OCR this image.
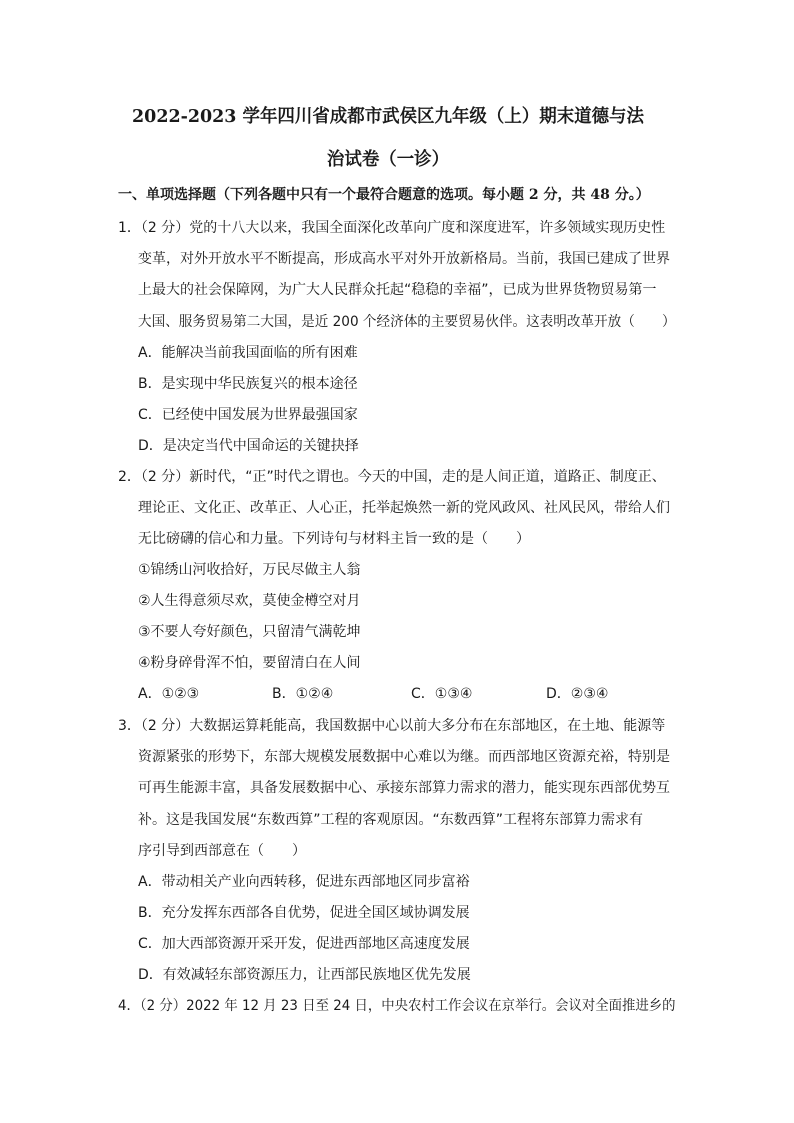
2022-2023 学年四川省成都市武侯区九年级（上）期末道德与法
治试卷（一诊）
一、单项选择题（下列各题中只有一个最符合题意的选项。每小题 2 分，共 48 分。）
1．（2 分）党的十八大以来，我国全面深化改革向广度和深度进军，许多领域实现历史性
变革，对外开放水平不断提高，形成高水平对外开放新格局。当前，我国已建成了世界
上最大的社会保障网，为广大人民群众托起“稳稳的幸福”，已成为世界货物贸易第一
大国、服务贸易第二大国，是近 200 个经济体的主要贸易伙伴。这表明改革开放（　　）
A．能解决当前我国面临的所有困难
B．是实现中华民族复兴的根本途径
C．已经使中国发展为世界最强国家
D．是决定当代中国命运的关键抉择
2．（2 分）新时代，“正”时代之谓也。今天的中国，走的是人间正道，道路正、制度正、
理论正、文化正、改革正、人心正，托举起焕然一新的党风政风、社风民风，带给人们
无比磅礴的信心和力量。下列诗句与材料主旨一致的是（　　）
①锦绣山河收拾好，万民尽做主人翁
②人生得意须尽欢，莫使金樽空对月
③不要人夸好颜色，只留清气满乾坤
④粉身碎骨浑不怕，要留清白在人间
A．①②③	B．①②④	C．①③④	D．②③④
3．（2 分）大数据运算耗能高，我国数据中心以前大多分布在东部地区，在土地、能源等
资源紧张的形势下，东部大规模发展数据中心难以为继。而西部地区资源充裕，特别是
可再生能源丰富，具备发展数据中心、承接东部算力需求的潜力，能实现东西部优势互
补。这是我国发展“东数西算”工程的客观原因。“东数西算”工程将东部算力需求有
序引导到西部意在（　　）
A．带动相关产业向西转移，促进东西部地区同步富裕
B．充分发挥东西部各自优势，促进全国区域协调发展
C．加大西部资源开采开发，促进西部地区高速度发展
D．有效减轻东部资源压力，让西部民族地区优先发展
4．（2 分）2022 年 12 月 23 日至 24 日，中央农村工作会议在京举行。会议对全面推进乡的
